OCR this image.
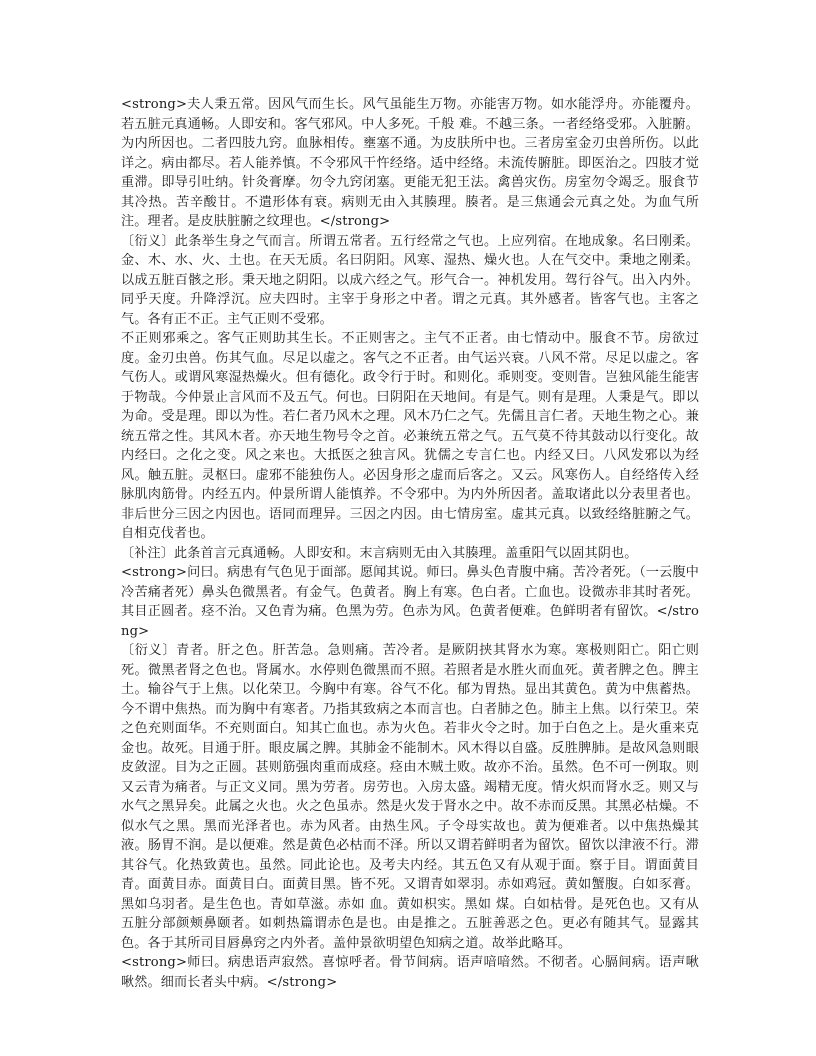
<strong>夫人秉五常。因风气而生长。风气虽能生万物。亦能害万物。如水能浮舟。亦能覆舟。若五脏元真通畅。人即安和。客气邪风。中人多死。千般 难。不越三条。一者经络受邪。入脏腑。为内所因也。二者四肢九窍。血脉相传。壅塞不通。为皮肤所中也。三者房室金刃虫兽所伤。以此详之。病由都尽。若人能养慎。不令邪风干忤经络。适中经络。未流传腑脏。即医治之。四肢才觉重滞。即导引吐纳。针灸膏摩。勿令九窍闭塞。更能无犯王法。禽兽灾伤。房室勿令竭乏。服食节其冷热。苦辛酸甘。不遣形体有衰。病则无由入其腠理。腠者。是三焦通会元真之处。为血气所注。理者。是皮肤脏腑之纹理也。</strong>

〔衍义〕此条举生身之气而言。所谓五常者。五行经常之气也。上应列宿。在地成象。名曰刚柔。金、木、水、火、土也。在天无质。名曰阴阳。风寒、湿热、燥火也。人在气交中。秉地之刚柔。以成五脏百骸之形。秉天地之阴阳。以成六经之气。形气合一。神机发用。驾行谷气。出入内外。同乎天度。升降浮沉。应夫四时。主宰于身形之中者。谓之元真。其外感者。皆客气也。主客之气。各有正不正。主气正则不受邪。

不正则邪乘之。客气正则助其生长。不正则害之。主气不正者。由七情动中。服食不节。房欲过度。金刃虫兽。伤其气血。尽足以虚之。客气之不正者。由气运兴衰。八风不常。尽足以虚之。客气伤人。或谓风寒湿热燥火。但有德化。政令行于时。和则化。乖则变。变则眚。岂独风能生能害于物哉。今仲景止言风而不及五气。何也。曰阴阳在天地间。有是气。则有是理。人秉是气。即以为命。受是理。即以为性。若仁者乃风木之理。风木乃仁之气。先儒且言仁者。天地生物之心。兼统五常之性。其风木者。亦天地生物号令之首。必兼统五常之气。五气莫不待其鼓动以行变化。故内经曰。之化之变。风之来也。大抵医之独言风。犹儒之专言仁也。内经又曰。八风发邪以为经风。触五脏。灵枢曰。虚邪不能独伤人。必因身形之虚而后客之。又云。风寒伤人。自经络传入经脉肌肉筋骨。内经五内。仲景所谓人能慎养。不令邪中。为内外所因者。盖取诸此以分表里者也。非后世分三因之内因也。语同而理异。三因之内因。由七情房室。虚其元真。以致经络脏腑之气。自相克伐者也。

〔补注〕此条首言元真通畅。人即安和。末言病则无由入其腠理。盖重阳气以固其阴也。

<strong>问曰。病患有气色见于面部。愿闻其说。师曰。鼻头色青腹中痛。苦冷者死。（一云腹中冷苦痛者死）鼻头色微黑者。有金气。色黄者。胸上有寒。色白者。亡血也。设微赤非其时者死。其目正圆者。痉不治。又色青为痛。色黑为劳。色赤为风。色黄者便难。色鲜明者有留饮。</strong>

〔衍义〕青者。肝之色。肝苦急。急则痛。苦冷者。是厥阴挟其肾水为寒。寒极则阳亡。阳亡则死。微黑者肾之色也。肾属水。水停则色微黑而不照。若照者是水胜火而血死。黄者脾之色。脾主土。输谷气于上焦。以化荣卫。今胸中有寒。谷气不化。郁为胃热。显出其黄色。黄为中焦蓄热。今不谓中焦热。而为胸中有寒者。乃指其致病之本而言也。白者肺之色。肺主上焦。以行荣卫。荣之色充则面华。不充则面白。知其亡血也。赤为火色。若非火令之时。加于白色之上。是火重来克金也。故死。目通于肝。眼皮属之脾。其肺金不能制木。风木得以自盛。反胜脾肺。是故风急则眼皮敛涩。目为之正圆。甚则筋强肉重而成痉。痉由木贼土败。故亦不治。虽然。色不可一例取。则又云青为痛者。与正文义同。黑为劳者。房劳也。入房太盛。竭精无度。情火炽而肾水乏。则又与水气之黑异矣。此属之火也。火之色虽赤。然是火发于肾水之中。故不赤而反黑。其黑必枯燥。不似水气之黑。黑而光泽者也。赤为风者。由热生风。子令母实故也。黄为便难者。以中焦热燥其液。肠胃不润。是以便难。然是黄色必枯而不泽。所以又谓若鲜明者为留饮。留饮以津液不行。滞其谷气。化热致黄也。虽然。同此论也。及考夫内经。其五色又有从观于面。察于目。谓面黄目青。面黄目赤。面黄目白。面黄目黑。皆不死。又谓青如翠羽。赤如鸡冠。黄如蟹腹。白如豕膏。黑如乌羽者。是生色也。青如草滋。赤如 血。黄如枳实。黑如 煤。白如枯骨。是死色也。又有从五脏分部颜颊鼻颐者。如刺热篇谓赤色是也。由是推之。五脏善恶之色。更必有随其气。显露其色。各于其所司目唇鼻窍之内外者。盖仲景欲明望色知病之道。故举此略耳。

<strong>师曰。病患语声寂然。喜惊呼者。骨节间病。语声喑喑然。不彻者。心膈间病。语声啾啾然。细而长者头中病。</strong>
